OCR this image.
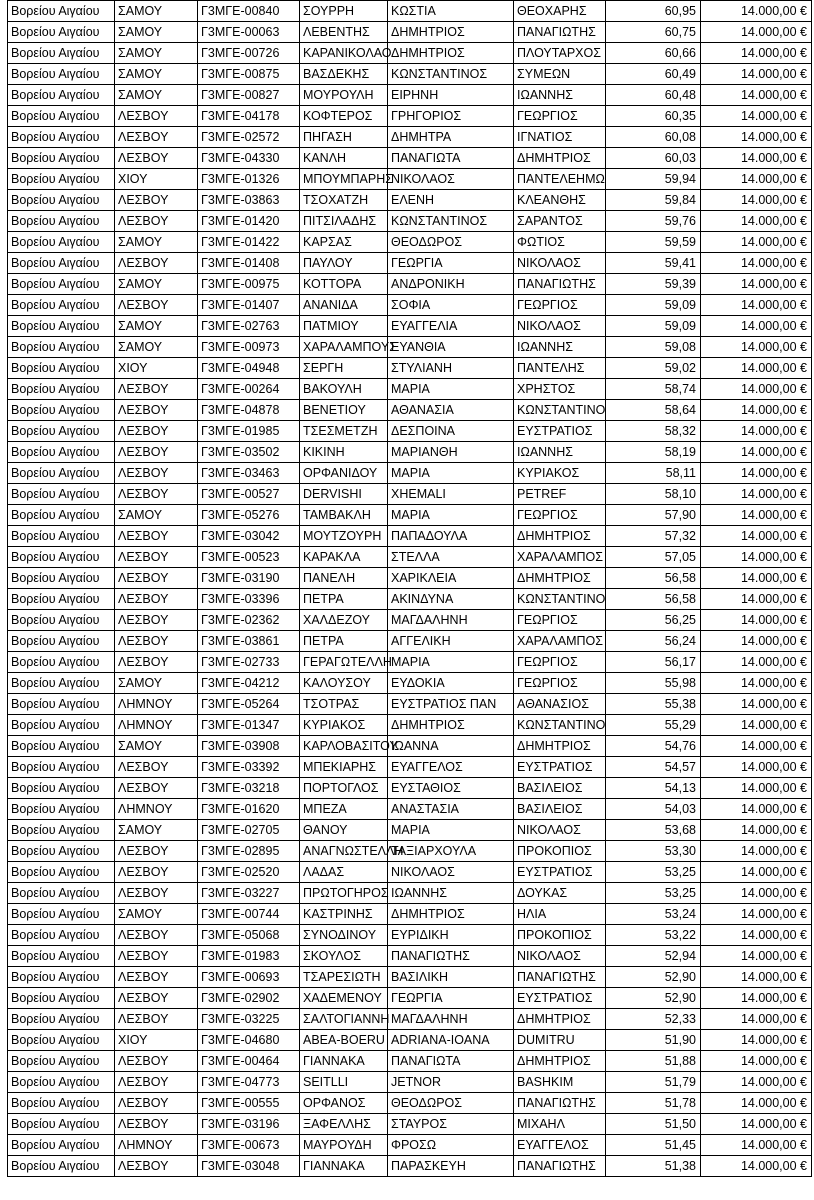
Βορείου Αιγαίου	ΣΑΜΟΥ	Γ3ΜΓΕ-00840	ΣΟΥΡΡΗ	ΚΩΣΤΙΑ	ΘΕΟΧΑΡΗΣ	60,95	14.000,00 €
Βορείου Αιγαίου	ΣΑΜΟΥ	Γ3ΜΓΕ-00063	ΛΕΒΕΝΤΗΣ	ΔΗΜΗΤΡΙΟΣ	ΠΑΝΑΓΙΩΤΗΣ	60,75	14.000,00 €
Βορείου Αιγαίου	ΣΑΜΟΥ	Γ3ΜΓΕ-00726	ΚΑΡΑΝΙΚΟΛΑΟ	ΔΗΜΗΤΡΙΟΣ	ΠΛΟΥΤΑΡΧΟΣ	60,66	14.000,00 €
Βορείου Αιγαίου	ΣΑΜΟΥ	Γ3ΜΓΕ-00875	ΒΑΣΔΕΚΗΣ	ΚΩΝΣΤΑΝΤΙΝΟΣ	ΣΥΜΕΩΝ	60,49	14.000,00 €
Βορείου Αιγαίου	ΣΑΜΟΥ	Γ3ΜΓΕ-00827	ΜΟΥΡΟΥΛΗ	ΕΙΡΗΝΗ	ΙΩΑΝΝΗΣ	60,48	14.000,00 €
Βορείου Αιγαίου	ΛΕΣΒΟΥ	Γ3ΜΓΕ-04178	ΚΟΦΤΕΡΟΣ	ΓΡΗΓΟΡΙΟΣ	ΓΕΩΡΓΙΟΣ	60,35	14.000,00 €
Βορείου Αιγαίου	ΛΕΣΒΟΥ	Γ3ΜΓΕ-02572	ΠΗΓΑΣΗ	ΔΗΜΗΤΡΑ	ΙΓΝΑΤΙΟΣ	60,08	14.000,00 €
Βορείου Αιγαίου	ΛΕΣΒΟΥ	Γ3ΜΓΕ-04330	ΚΑΝΛΗ	ΠΑΝΑΓΙΩΤΑ	ΔΗΜΗΤΡΙΟΣ	60,03	14.000,00 €
Βορείου Αιγαίου	ΧΙΟΥ	Γ3ΜΓΕ-01326	ΜΠΟΥΜΠΑΡΗΣ	ΝΙΚΟΛΑΟΣ	ΠΑΝΤΕΛΕΗΜΩ	59,94	14.000,00 €
Βορείου Αιγαίου	ΛΕΣΒΟΥ	Γ3ΜΓΕ-03863	ΤΣΟΧΑΤΖΗ	ΕΛΕΝΗ	ΚΛΕΑΝΘΗΣ	59,84	14.000,00 €
Βορείου Αιγαίου	ΛΕΣΒΟΥ	Γ3ΜΓΕ-01420	ΠΙΤΣΙΛΑΔΗΣ	ΚΩΝΣΤΑΝΤΙΝΟΣ	ΣΑΡΑΝΤΟΣ	59,76	14.000,00 €
Βορείου Αιγαίου	ΣΑΜΟΥ	Γ3ΜΓΕ-01422	ΚΑΡΣΑΣ	ΘΕΟΔΩΡΟΣ	ΦΩΤΙΟΣ	59,59	14.000,00 €
Βορείου Αιγαίου	ΛΕΣΒΟΥ	Γ3ΜΓΕ-01408	ΠΑΥΛΟΥ	ΓΕΩΡΓΙΑ	ΝΙΚΟΛΑΟΣ	59,41	14.000,00 €
Βορείου Αιγαίου	ΣΑΜΟΥ	Γ3ΜΓΕ-00975	ΚΟΤΤΟΡΑ	ΑΝΔΡΟΝΙΚΗ	ΠΑΝΑΓΙΩΤΗΣ	59,39	14.000,00 €
Βορείου Αιγαίου	ΛΕΣΒΟΥ	Γ3ΜΓΕ-01407	ΑΝΑΝΙΔΑ	ΣΟΦΙΑ	ΓΕΩΡΓΙΟΣ	59,09	14.000,00 €
Βορείου Αιγαίου	ΣΑΜΟΥ	Γ3ΜΓΕ-02763	ΠΑΤΜΙΟΥ	ΕΥΑΓΓΕΛΙΑ	ΝΙΚΟΛΑΟΣ	59,09	14.000,00 €
Βορείου Αιγαίου	ΣΑΜΟΥ	Γ3ΜΓΕ-00973	ΧΑΡΑΛΑΜΠΟΥΣ	ΕΥΑΝΘΙΑ	ΙΩΑΝΝΗΣ	59,08	14.000,00 €
Βορείου Αιγαίου	ΧΙΟΥ	Γ3ΜΓΕ-04948	ΣΕΡΓΗ	ΣΤΥΛΙΑΝΗ	ΠΑΝΤΕΛΗΣ	59,02	14.000,00 €
Βορείου Αιγαίου	ΛΕΣΒΟΥ	Γ3ΜΓΕ-00264	ΒΑΚΟΥΛΗ	ΜΑΡΙΑ	ΧΡΗΣΤΟΣ	58,74	14.000,00 €
Βορείου Αιγαίου	ΛΕΣΒΟΥ	Γ3ΜΓΕ-04878	ΒΕΝΕΤΙΟΥ	ΑΘΑΝΑΣΙΑ	ΚΩΝΣΤΑΝΤΙΝΟ	58,64	14.000,00 €
Βορείου Αιγαίου	ΛΕΣΒΟΥ	Γ3ΜΓΕ-01985	ΤΣΕΣΜΕΤΖΗ	ΔΕΣΠΟΙΝΑ	ΕΥΣΤΡΑΤΙΟΣ	58,32	14.000,00 €
Βορείου Αιγαίου	ΛΕΣΒΟΥ	Γ3ΜΓΕ-03502	ΚΙΚΙΝΗ	ΜΑΡΙΑΝΘΗ	ΙΩΑΝΝΗΣ	58,19	14.000,00 €
Βορείου Αιγαίου	ΛΕΣΒΟΥ	Γ3ΜΓΕ-03463	ΟΡΦΑΝΙΔΟΥ	ΜΑΡΙΑ	ΚΥΡΙΑΚΟΣ	58,11	14.000,00 €
Βορείου Αιγαίου	ΛΕΣΒΟΥ	Γ3ΜΓΕ-00527	DERVISHI	XHEMALI	PETREF	58,10	14.000,00 €
Βορείου Αιγαίου	ΣΑΜΟΥ	Γ3ΜΓΕ-05276	ΤΑΜΒΑΚΛΗ	ΜΑΡΙΑ	ΓΕΩΡΓΙΟΣ	57,90	14.000,00 €
Βορείου Αιγαίου	ΛΕΣΒΟΥ	Γ3ΜΓΕ-03042	ΜΟΥΤΖΟΥΡΗ	ΠΑΠΑΔΟΥΛΑ	ΔΗΜΗΤΡΙΟΣ	57,32	14.000,00 €
Βορείου Αιγαίου	ΛΕΣΒΟΥ	Γ3ΜΓΕ-00523	ΚΑΡΑΚΛΑ	ΣΤΕΛΛΑ	ΧΑΡΑΛΑΜΠΟΣ	57,05	14.000,00 €
Βορείου Αιγαίου	ΛΕΣΒΟΥ	Γ3ΜΓΕ-03190	ΠΑΝΕΛΗ	ΧΑΡΙΚΛΕΙΑ	ΔΗΜΗΤΡΙΟΣ	56,58	14.000,00 €
Βορείου Αιγαίου	ΛΕΣΒΟΥ	Γ3ΜΓΕ-03396	ΠΕΤΡΑ	ΑΚΙΝΔΥΝΑ	ΚΩΝΣΤΑΝΤΙΝΟ	56,58	14.000,00 €
Βορείου Αιγαίου	ΛΕΣΒΟΥ	Γ3ΜΓΕ-02362	ΧΑΛΔΕΖΟΥ	ΜΑΓΔΑΛΗΝΗ	ΓΕΩΡΓΙΟΣ	56,25	14.000,00 €
Βορείου Αιγαίου	ΛΕΣΒΟΥ	Γ3ΜΓΕ-03861	ΠΕΤΡΑ	ΑΓΓΕΛΙΚΗ	ΧΑΡΑΛΑΜΠΟΣ	56,24	14.000,00 €
Βορείου Αιγαίου	ΛΕΣΒΟΥ	Γ3ΜΓΕ-02733	ΓΕΡΑΓΩΤΕΛΛΗ	ΜΑΡΙΑ	ΓΕΩΡΓΙΟΣ	56,17	14.000,00 €
Βορείου Αιγαίου	ΣΑΜΟΥ	Γ3ΜΓΕ-04212	ΚΑΛΟΥΣΟΥ	ΕΥΔΟΚΙΑ	ΓΕΩΡΓΙΟΣ	55,98	14.000,00 €
Βορείου Αιγαίου	ΛΗΜΝΟΥ	Γ3ΜΓΕ-05264	ΤΣΟΤΡΑΣ	ΕΥΣΤΡΑΤΙΟΣ ΠΑΝ	ΑΘΑΝΑΣΙΟΣ	55,38	14.000,00 €
Βορείου Αιγαίου	ΛΗΜΝΟΥ	Γ3ΜΓΕ-01347	ΚΥΡΙΑΚΟΣ	ΔΗΜΗΤΡΙΟΣ	ΚΩΝΣΤΑΝΤΙΝΟ	55,29	14.000,00 €
Βορείου Αιγαίου	ΣΑΜΟΥ	Γ3ΜΓΕ-03908	ΚΑΡΛΟΒΑΣΙΤΟΥ	ΙΩΑΝΝΑ	ΔΗΜΗΤΡΙΟΣ	54,76	14.000,00 €
Βορείου Αιγαίου	ΛΕΣΒΟΥ	Γ3ΜΓΕ-03392	ΜΠΕΚΙΑΡΗΣ	ΕΥΑΓΓΕΛΟΣ	ΕΥΣΤΡΑΤΙΟΣ	54,57	14.000,00 €
Βορείου Αιγαίου	ΛΕΣΒΟΥ	Γ3ΜΓΕ-03218	ΠΟΡΤΟΓΛΟΣ	ΕΥΣΤΑΘΙΟΣ	ΒΑΣΙΛΕΙΟΣ	54,13	14.000,00 €
Βορείου Αιγαίου	ΛΗΜΝΟΥ	Γ3ΜΓΕ-01620	ΜΠΕΖΑ	ΑΝΑΣΤΑΣΙΑ	ΒΑΣΙΛΕΙΟΣ	54,03	14.000,00 €
Βορείου Αιγαίου	ΣΑΜΟΥ	Γ3ΜΓΕ-02705	ΘΑΝΟΥ	ΜΑΡΙΑ	ΝΙΚΟΛΑΟΣ	53,68	14.000,00 €
Βορείου Αιγαίου	ΛΕΣΒΟΥ	Γ3ΜΓΕ-02895	ΑΝΑΓΝΩΣΤΕΛΛΗ	ΤΑΞΙΑΡΧΟΥΛΑ	ΠΡΟΚΟΠΙΟΣ	53,30	14.000,00 €
Βορείου Αιγαίου	ΛΕΣΒΟΥ	Γ3ΜΓΕ-02520	ΛΑΔΑΣ	ΝΙΚΟΛΑΟΣ	ΕΥΣΤΡΑΤΙΟΣ	53,25	14.000,00 €
Βορείου Αιγαίου	ΛΕΣΒΟΥ	Γ3ΜΓΕ-03227	ΠΡΩΤΟΓΗΡΟΣ	ΙΩΑΝΝΗΣ	ΔΟΥΚΑΣ	53,25	14.000,00 €
Βορείου Αιγαίου	ΣΑΜΟΥ	Γ3ΜΓΕ-00744	ΚΑΣΤΡΙΝΗΣ	ΔΗΜΗΤΡΙΟΣ	ΗΛΙΑ	53,24	14.000,00 €
Βορείου Αιγαίου	ΛΕΣΒΟΥ	Γ3ΜΓΕ-05068	ΣΥΝΟΔΙΝΟΥ	ΕΥΡΙΔΙΚΗ	ΠΡΟΚΟΠΙΟΣ	53,22	14.000,00 €
Βορείου Αιγαίου	ΛΕΣΒΟΥ	Γ3ΜΓΕ-01983	ΣΚΟΥΛΟΣ	ΠΑΝΑΓΙΩΤΗΣ	ΝΙΚΟΛΑΟΣ	52,94	14.000,00 €
Βορείου Αιγαίου	ΛΕΣΒΟΥ	Γ3ΜΓΕ-00693	ΤΣΑΡΕΣΙΩΤΗ	ΒΑΣΙΛΙΚΗ	ΠΑΝΑΓΙΩΤΗΣ	52,90	14.000,00 €
Βορείου Αιγαίου	ΛΕΣΒΟΥ	Γ3ΜΓΕ-02902	ΧΑΔΕΜΕΝΟΥ	ΓΕΩΡΓΙΑ	ΕΥΣΤΡΑΤΙΟΣ	52,90	14.000,00 €
Βορείου Αιγαίου	ΛΕΣΒΟΥ	Γ3ΜΓΕ-03225	ΣΑΛΤΟΓΙΑΝΝΗ	ΜΑΓΔΑΛΗΝΗ	ΔΗΜΗΤΡΙΟΣ	52,33	14.000,00 €
Βορείου Αιγαίου	ΧΙΟΥ	Γ3ΜΓΕ-04680	ABEA-BOERU	ADRIANA-IOANA	DUMITRU	51,90	14.000,00 €
Βορείου Αιγαίου	ΛΕΣΒΟΥ	Γ3ΜΓΕ-00464	ΓΙΑΝΝΑΚΑ	ΠΑΝΑΓΙΩΤΑ	ΔΗΜΗΤΡΙΟΣ	51,88	14.000,00 €
Βορείου Αιγαίου	ΛΕΣΒΟΥ	Γ3ΜΓΕ-04773	SEITLLI	JETNOR	BASHKIM	51,79	14.000,00 €
Βορείου Αιγαίου	ΛΕΣΒΟΥ	Γ3ΜΓΕ-00555	ΟΡΦΑΝΟΣ	ΘΕΟΔΩΡΟΣ	ΠΑΝΑΓΙΩΤΗΣ	51,78	14.000,00 €
Βορείου Αιγαίου	ΛΕΣΒΟΥ	Γ3ΜΓΕ-03196	ΞΑΦΕΛΛΗΣ	ΣΤΑΥΡΟΣ	ΜΙΧΑΗΛ	51,50	14.000,00 €
Βορείου Αιγαίου	ΛΗΜΝΟΥ	Γ3ΜΓΕ-00673	ΜΑΥΡΟΥΔΗ	ΦΡΟΣΩ	ΕΥΑΓΓΕΛΟΣ	51,45	14.000,00 €
Βορείου Αιγαίου	ΛΕΣΒΟΥ	Γ3ΜΓΕ-03048	ΓΙΑΝΝΑΚΑ	ΠΑΡΑΣΚΕΥΗ	ΠΑΝΑΓΙΩΤΗΣ	51,38	14.000,00 €
